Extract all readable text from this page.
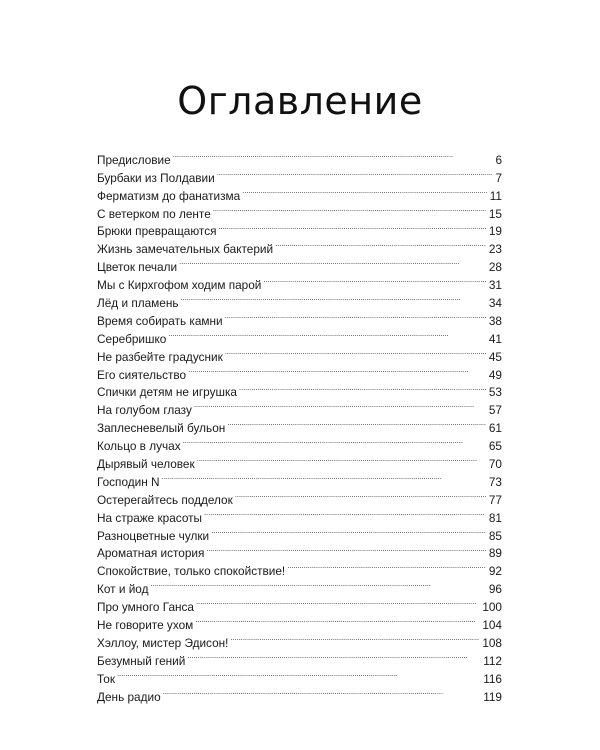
Оглавление
Предисловие . . .	6
Бурбаки из Полдавии . . .	7
Ферматизм до фанатизма . . .	11
С ветерком по ленте . . .	15
Брюки превращаются . . .	19
Жизнь замечательных бактерий . . .	23
Цветок печали . . .	28
Мы с Кирхгофом ходим парой . . .	31
Лёд и пламень . . .	34
Время собирать камни . . .	38
Серебришко . . .	41
Не разбейте градусник . . .	45
Его сиятельство . . .	49
Спички детям не игрушка . . .	53
На голубом глазу . . .	57
Заплесневелый бульон . . .	61
Кольцо в лучах . . .	65
Дырявый человек . . .	70
Господин N . . .	73
Остерегайтесь подделок . . .	77
На страже красоты . . .	81
Разноцветные чулки . . .	85
Ароматная история . . .	89
Спокойствие, только спокойствие! . . .	92
Кот и йод . . .	96
Про умного Ганса . . .	100
Не говорите ухом . . .	104
Хэллоу, мистер Эдисон! . . .	108
Безумный гений . . .	112
Ток . . .	116
День радио . . .	119
